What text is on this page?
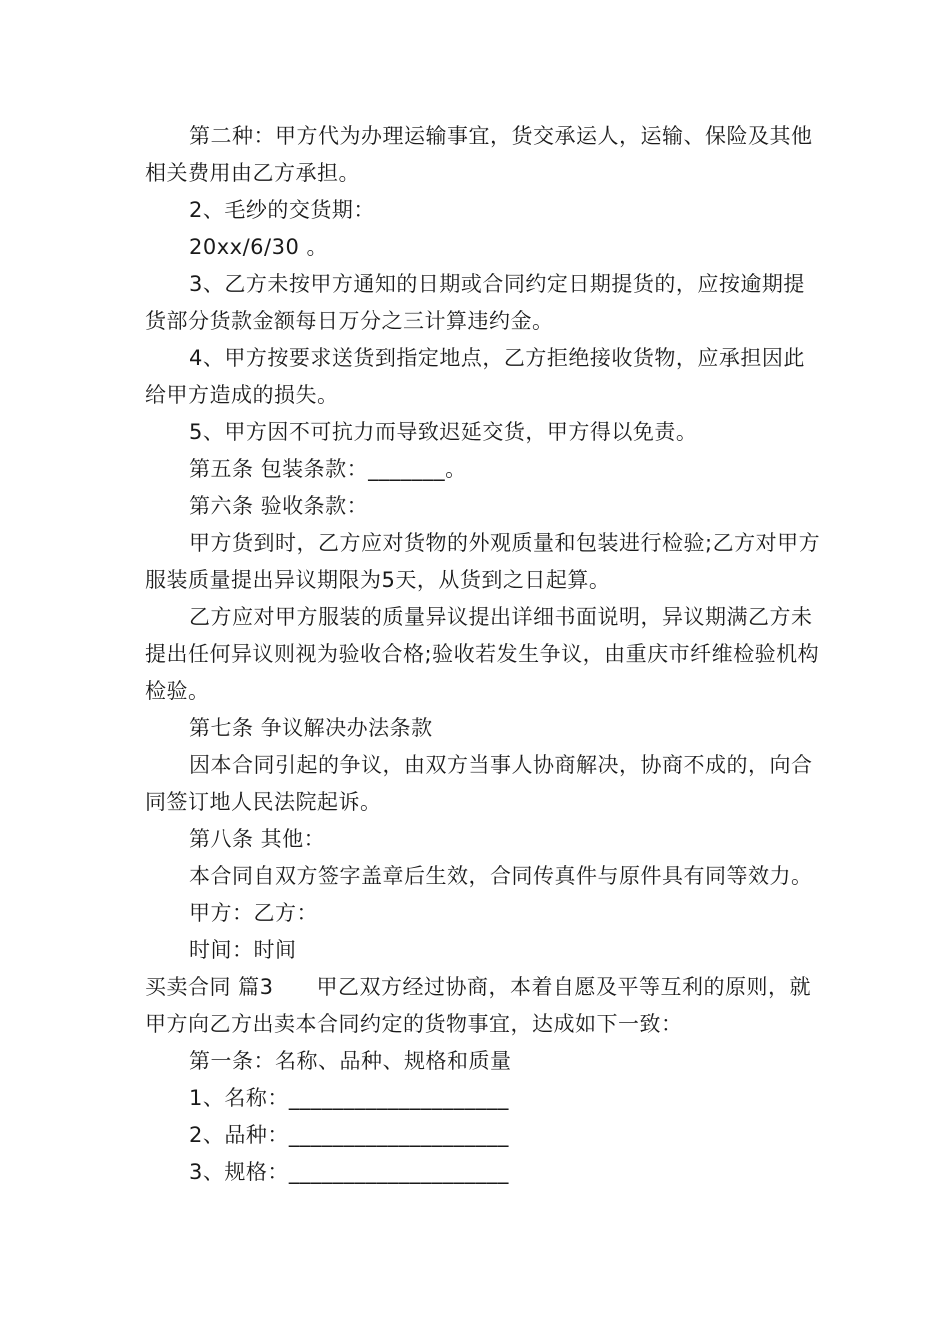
第二种：甲方代为办理运输事宜，货交承运人，运输、保险及其他相关费用由乙方承担。

2、毛纱的交货期：

20xx/6/30 。

3、乙方未按甲方通知的日期或合同约定日期提货的，应按逾期提货部分货款金额每日万分之三计算违约金。

4、甲方按要求送货到指定地点，乙方拒绝接收货物，应承担因此给甲方造成的损失。

5、甲方因不可抗力而导致迟延交货，甲方得以免责。

第五条 包装条款：_______。

第六条 验收条款：

甲方货到时，乙方应对货物的外观质量和包装进行检验;乙方对甲方服装质量提出异议期限为5天，从货到之日起算。

乙方应对甲方服装的质量异议提出详细书面说明，异议期满乙方未提出任何异议则视为验收合格;验收若发生争议，由重庆市纤维检验机构检验。

第七条 争议解决办法条款

因本合同引起的争议，由双方当事人协商解决，协商不成的，向合同签订地人民法院起诉。

第八条 其他：

本合同自双方签字盖章后生效，合同传真件与原件具有同等效力。

甲方：乙方：

时间：时间

买卖合同 篇3　　甲乙双方经过协商，本着自愿及平等互利的原则，就甲方向乙方出卖本合同约定的货物事宜，达成如下一致：

第一条：名称、品种、规格和质量

1、名称：____________________

2、品种：____________________

3、规格：____________________
